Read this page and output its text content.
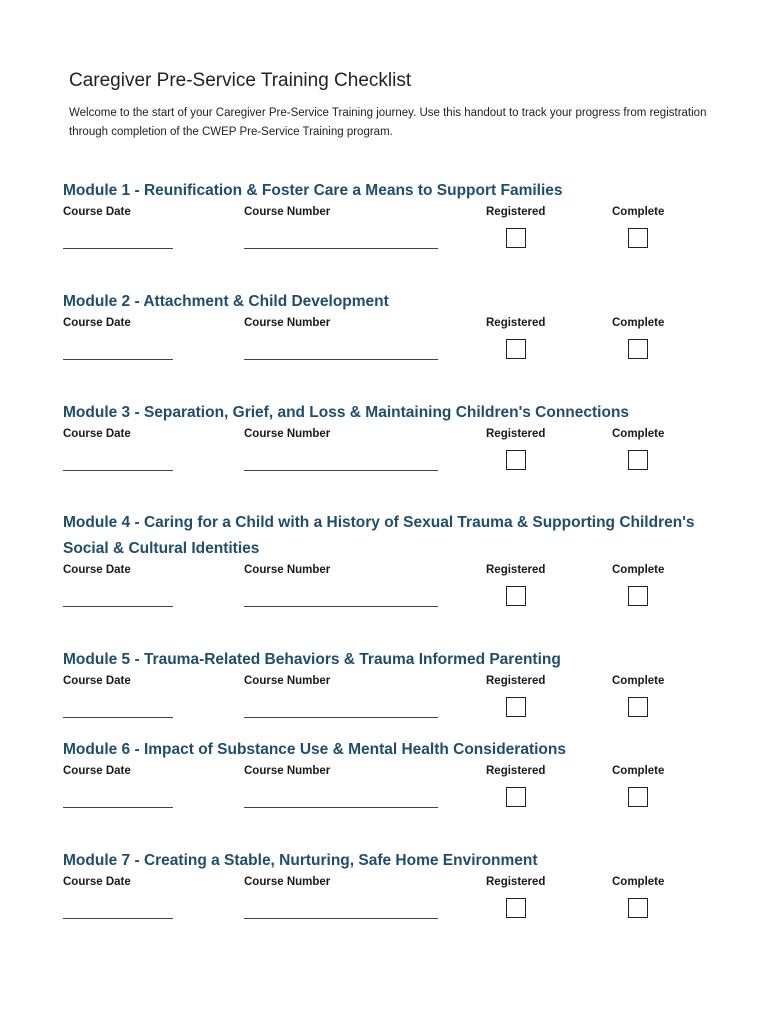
Caregiver Pre-Service Training Checklist

Welcome to the start of your Caregiver Pre-Service Training journey. Use this handout to track your progress from registration through completion of the CWEP Pre-Service Training program.

Module 1 - Reunification & Foster Care a Means to Support Families
Course Date	Course Number	Registered	Complete
Module 2 - Attachment & Child Development
Course Date	Course Number	Registered	Complete
Module 3 - Separation, Grief, and Loss & Maintaining Children's Connections
Course Date	Course Number	Registered	Complete
Module 4 - Caring for a Child with a History of Sexual Trauma & Supporting Children's Social & Cultural Identities
Course Date	Course Number	Registered	Complete
Module 5 - Trauma-Related Behaviors & Trauma Informed Parenting
Course Date	Course Number	Registered	Complete
Module 6 - Impact of Substance Use & Mental Health Considerations
Course Date	Course Number	Registered	Complete
Module 7 - Creating a Stable, Nurturing, Safe Home Environment
Course Date	Course Number	Registered	Complete
